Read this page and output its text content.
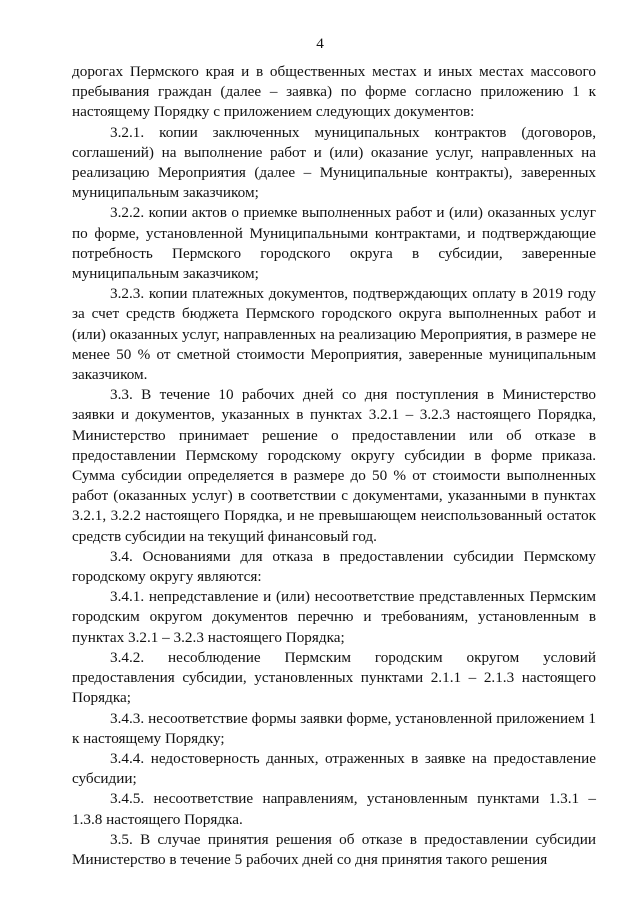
4

дорогах Пермского края и в общественных местах и иных местах массового пребывания граждан (далее – заявка) по форме согласно приложению 1 к настоящему Порядку с приложением следующих документов:

3.2.1. копии заключенных муниципальных контрактов (договоров, соглашений) на выполнение работ и (или) оказание услуг, направленных на реализацию Мероприятия (далее – Муниципальные контракты), заверенных муниципальным заказчиком;

3.2.2. копии актов о приемке выполненных работ и (или) оказанных услуг по форме, установленной Муниципальными контрактами, и подтверждающие потребность Пермского городского округа в субсидии, заверенные муниципальным заказчиком;

3.2.3. копии платежных документов, подтверждающих оплату в 2019 году за счет средств бюджета Пермского городского округа выполненных работ и (или) оказанных услуг, направленных на реализацию Мероприятия, в размере не менее 50 % от сметной стоимости Мероприятия, заверенные муниципальным заказчиком.

3.3. В течение 10 рабочих дней со дня поступления в Министерство заявки и документов, указанных в пунктах 3.2.1 – 3.2.3 настоящего Порядка, Министерство принимает решение о предоставлении или об отказе в предоставлении Пермскому городскому округу субсидии в форме приказа. Сумма субсидии определяется в размере до 50 % от стоимости выполненных работ (оказанных услуг) в соответствии с документами, указанными в пунктах 3.2.1, 3.2.2 настоящего Порядка, и не превышающем неиспользованный остаток средств субсидии на текущий финансовый год.

3.4. Основаниями для отказа в предоставлении субсидии Пермскому городскому округу являются:

3.4.1. непредставление и (или) несоответствие представленных Пермским городским округом документов перечню и требованиям, установленным в пунктах 3.2.1 – 3.2.3 настоящего Порядка;

3.4.2. несоблюдение Пермским городским округом условий предоставления субсидии, установленных пунктами 2.1.1 – 2.1.3 настоящего Порядка;

3.4.3. несоответствие формы заявки форме, установленной приложением 1 к настоящему Порядку;

3.4.4. недостоверность данных, отраженных в заявке на предоставление субсидии;

3.4.5. несоответствие направлениям, установленным пунктами 1.3.1 – 1.3.8 настоящего Порядка.

3.5. В случае принятия решения об отказе в предоставлении субсидии Министерство в течение 5 рабочих дней со дня принятия такого решения
